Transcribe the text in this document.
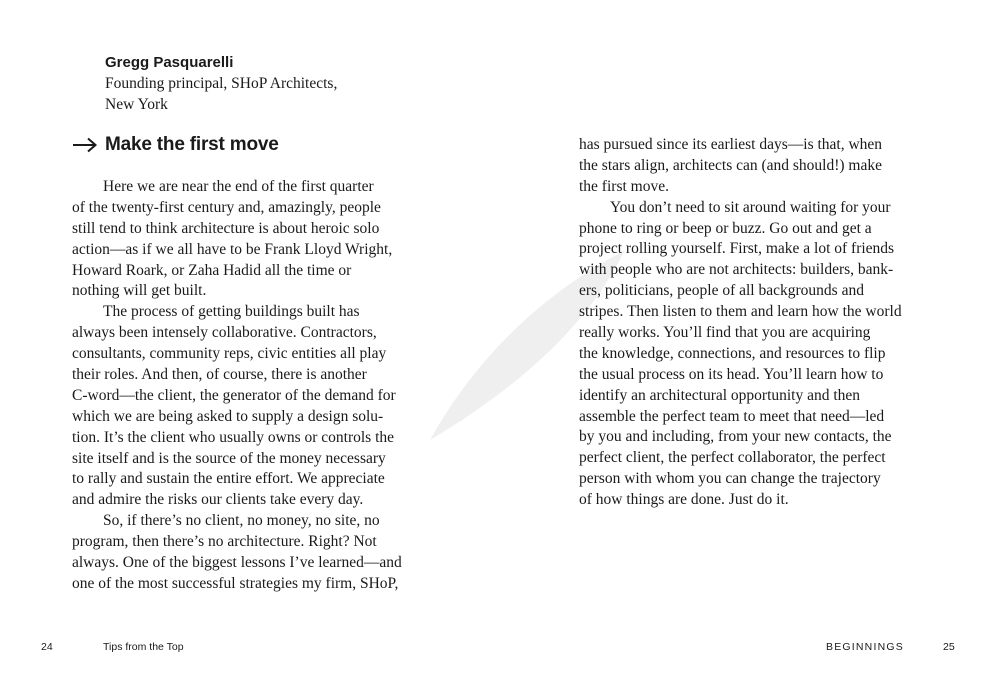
Gregg Pasquarelli

Founding principal, SHoP Architects,

New York

Make the first move
Here we are near the end of the first quarter
of the twenty-first century and, amazingly, people
still tend to think architecture is about heroic solo
action—as if we all have to be Frank Lloyd Wright,
Howard Roark, or Zaha Hadid all the time or
nothing will get built.
The process of getting buildings built has
always been intensely collaborative. Contractors,
consultants, community reps, civic entities all play
their roles. And then, of course, there is another
C-word—the client, the generator of the demand for
which we are being asked to supply a design solu-
tion. It’s the client who usually owns or controls the
site itself and is the source of the money necessary
to rally and sustain the entire effort. We appreciate
and admire the risks our clients take every day.
So, if there’s no client, no money, no site, no
program, then there’s no architecture. Right? Not
always. One of the biggest lessons I’ve learned—and
one of the most successful strategies my firm, SHoP,
24	Tips from the Top
has pursued since its earliest days—is that, when
the stars align, architects can (and should!) make
the first move.
You don’t need to sit around waiting for your
phone to ring or beep or buzz. Go out and get a
project rolling yourself. First, make a lot of friends
with people who are not architects: builders, bank-
ers, politicians, people of all backgrounds and
stripes. Then listen to them and learn how the world
really works. You’ll find that you are acquiring
the knowledge, connections, and resources to flip
the usual process on its head. You’ll learn how to
identify an architectural opportunity and then
assemble the perfect team to meet that need—led
by you and including, from your new contacts, the
perfect client, the perfect collaborator, the perfect
person with whom you can change the trajectory
of how things are done. Just do it.
BEGINNINGS	25
